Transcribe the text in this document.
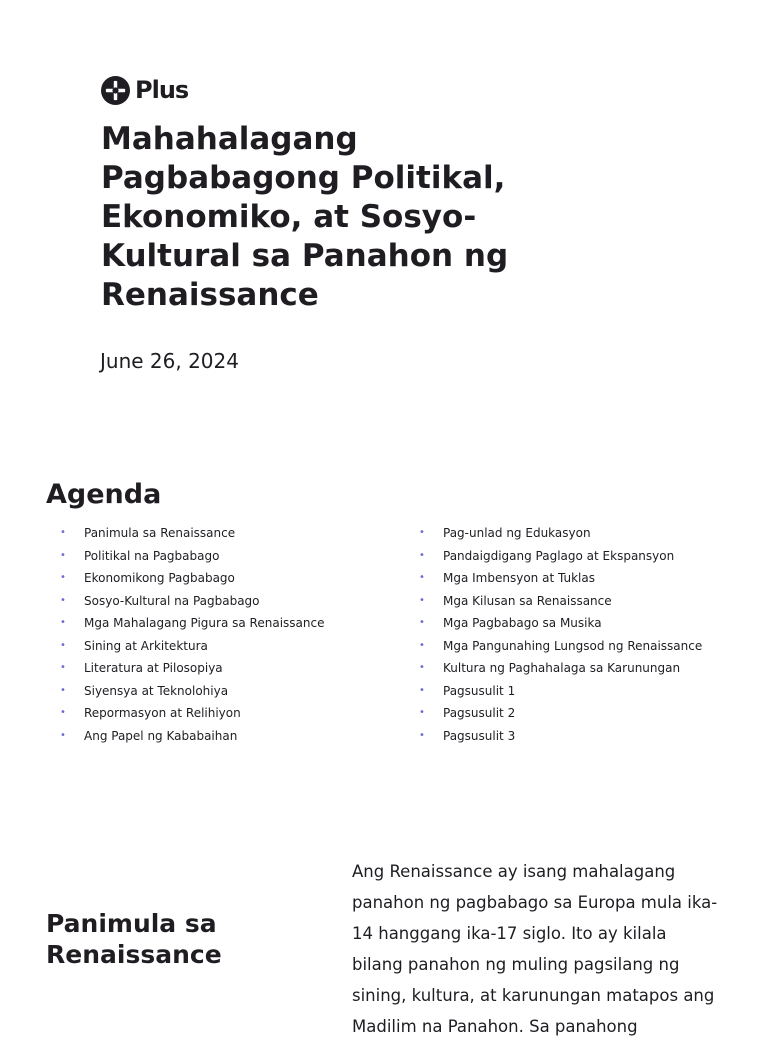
Plus
Mahahalagang Pagbabagong Politikal, Ekonomiko, at Sosyo-Kultural sa Panahon ng Renaissance

June 26, 2024

Agenda
• Panimula sa Renaissance
• Politikal na Pagbabago
• Ekonomikong Pagbabago
• Sosyo-Kultural na Pagbabago
• Mga Mahalagang Pigura sa Renaissance
• Sining at Arkitektura
• Literatura at Pilosopiya
• Siyensya at Teknolohiya
• Repormasyon at Relihiyon
• Ang Papel ng Kababaihan
• Pag-unlad ng Edukasyon
• Pandaigdigang Paglago at Ekspansyon
• Mga Imbensyon at Tuklas
• Mga Kilusan sa Renaissance
• Mga Pagbabago sa Musika
• Mga Pangunahing Lungsod ng Renaissance
• Kultura ng Paghahalaga sa Karunungan
• Pagsusulit 1
• Pagsusulit 2
• Pagsusulit 3
Panimula sa Renaissance

Ang Renaissance ay isang mahalagang panahon ng pagbabago sa Europa mula ika-14 hanggang ika-17 siglo. Ito ay kilala bilang panahon ng muling pagsilang ng sining, kultura, at karunungan matapos ang Madilim na Panahon. Sa panahong
